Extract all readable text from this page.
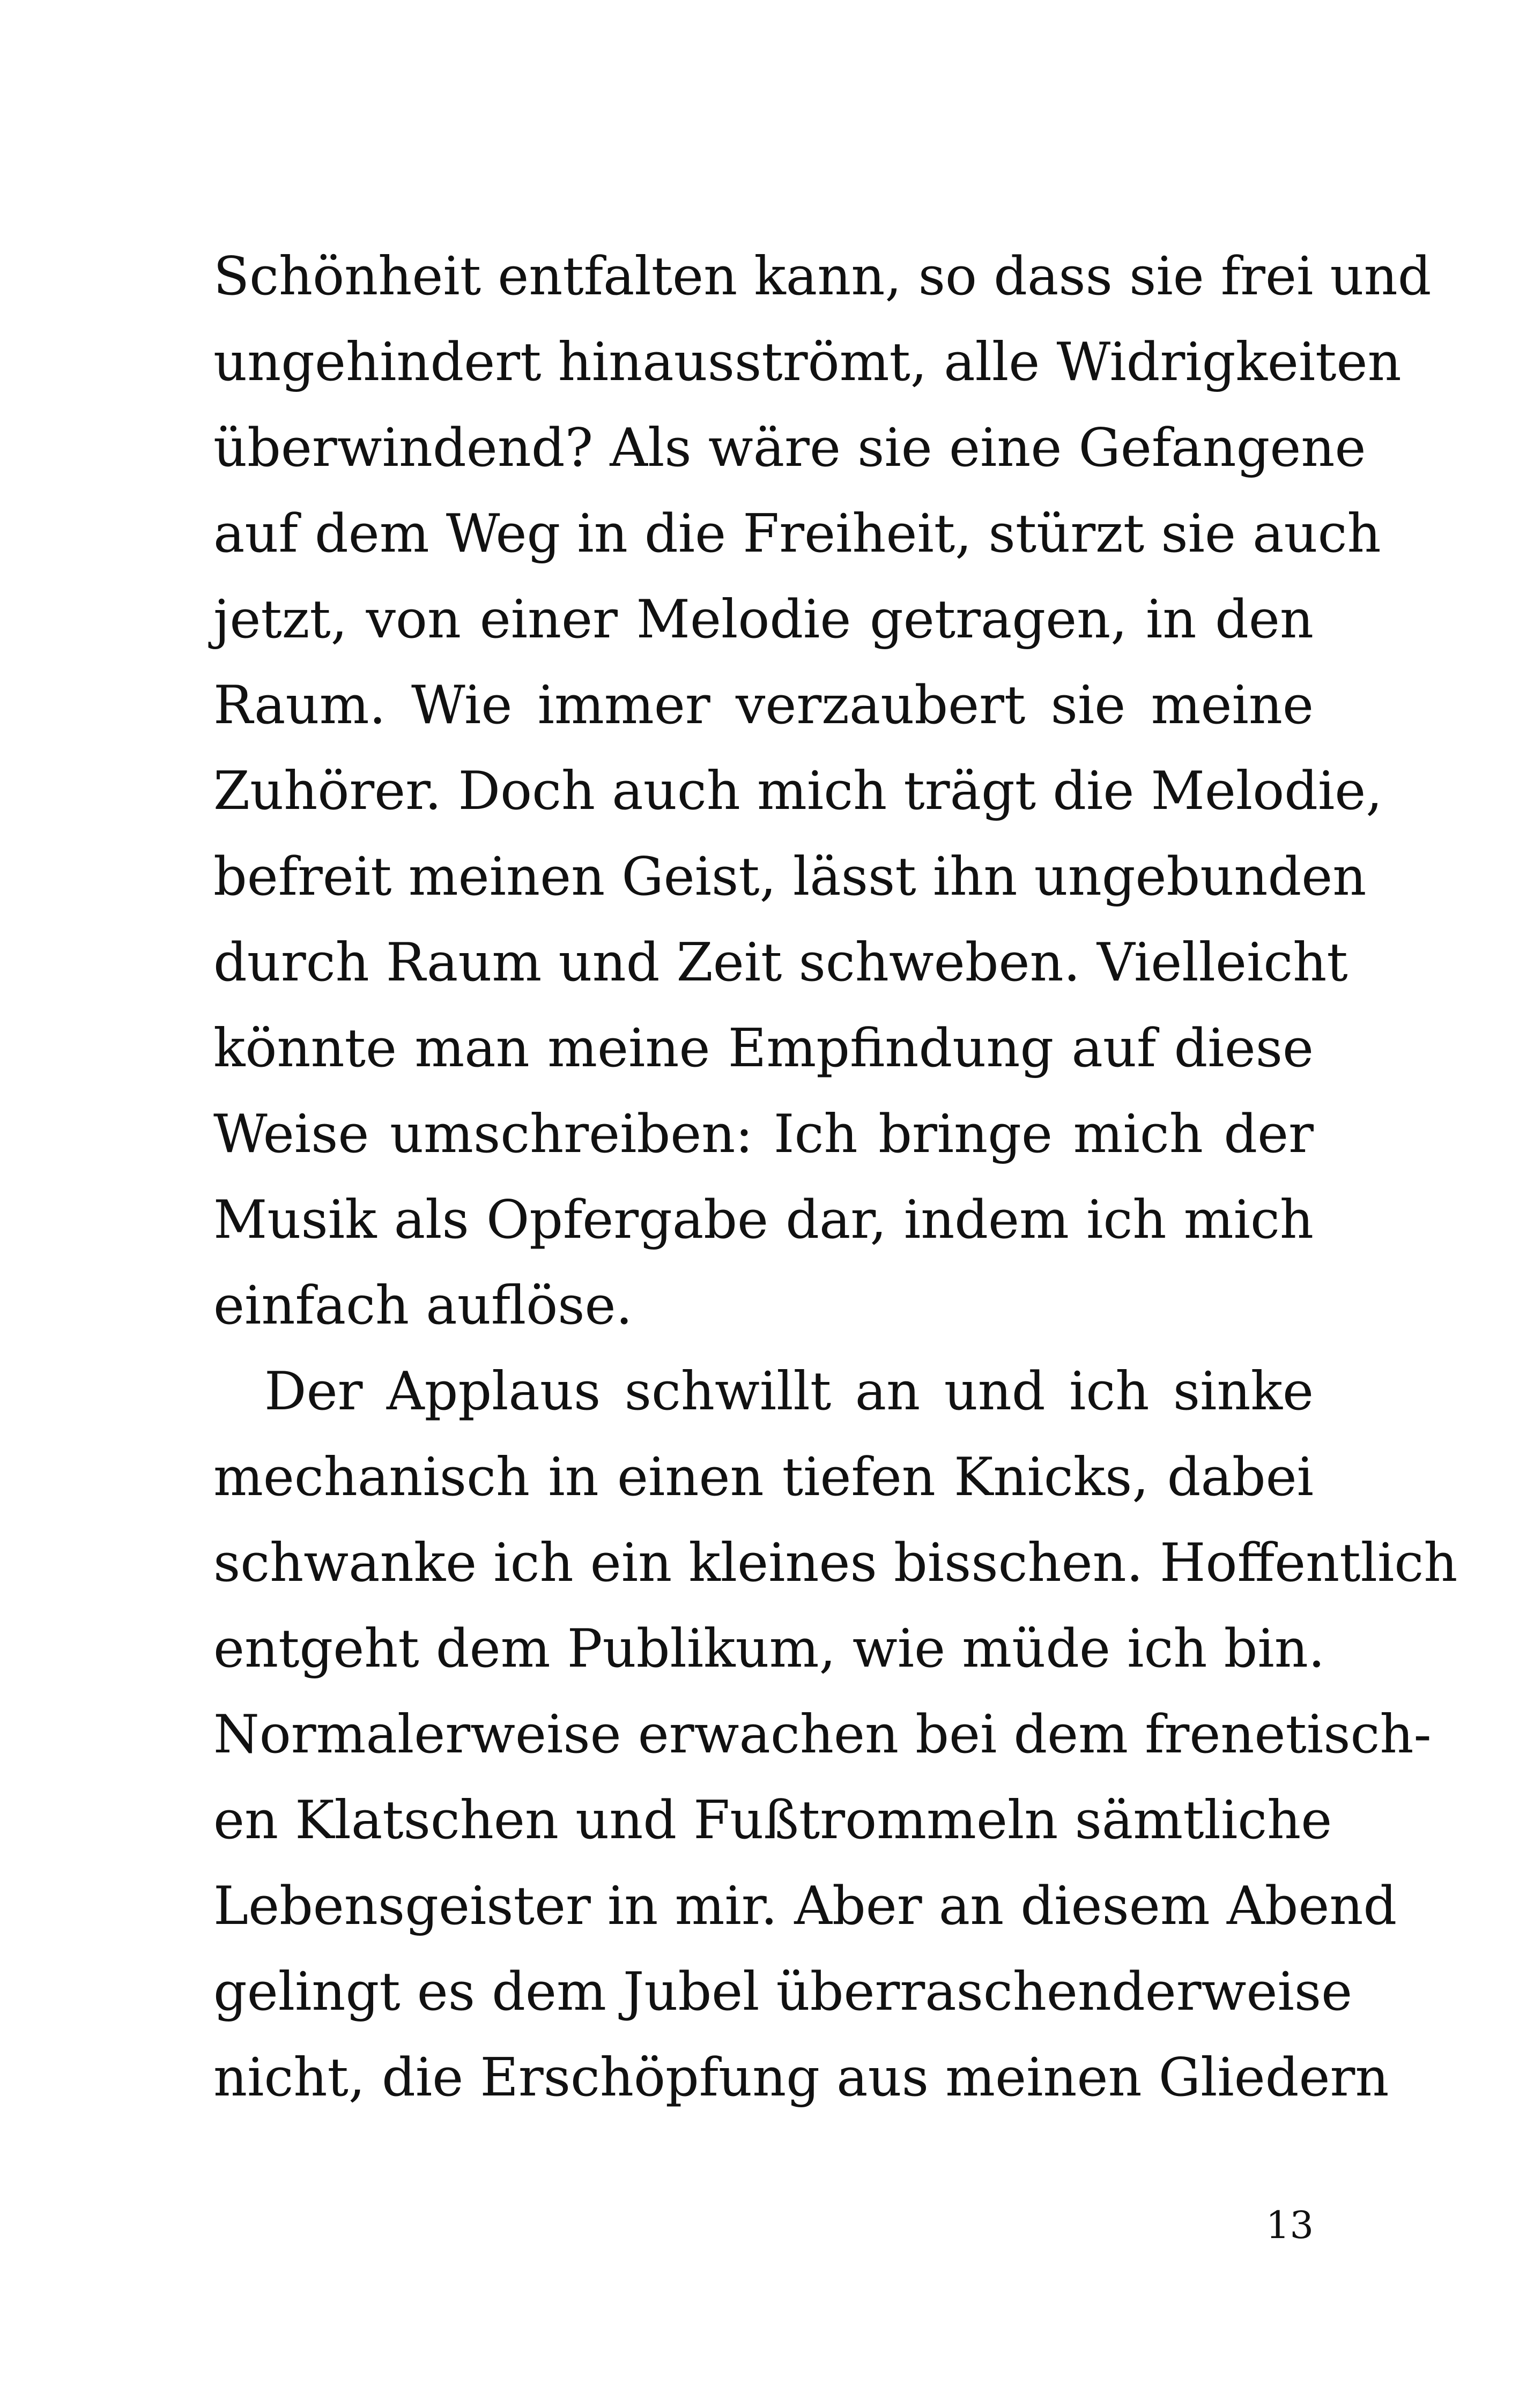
Schönheit entfalten kann, so dass sie frei und
ungehindert hinausströmt, alle Widrigkeiten
überwindend? Als wäre sie eine Gefangene
auf dem Weg in die Freiheit, stürzt sie auch
jetzt, von einer Melodie getragen, in den
Raum. Wie immer verzaubert sie meine
Zuhörer. Doch auch mich trägt die Melodie,
befreit meinen Geist, lässt ihn ungebunden
durch Raum und Zeit schweben. Vielleicht
könnte man meine Empfindung auf diese
Weise umschreiben: Ich bringe mich der
Musik als Opfergabe dar, indem ich mich
einfach auflöse.
Der Applaus schwillt an und ich sinke
mechanisch in einen tiefen Knicks, dabei
schwanke ich ein kleines bisschen. Hoffentlich
entgeht dem Publikum, wie müde ich bin.
Normalerweise erwachen bei dem frenetisch-
en Klatschen und Fußtrommeln sämtliche
Lebensgeister in mir. Aber an diesem Abend
gelingt es dem Jubel überraschenderweise
nicht, die Erschöpfung aus meinen Gliedern
13
